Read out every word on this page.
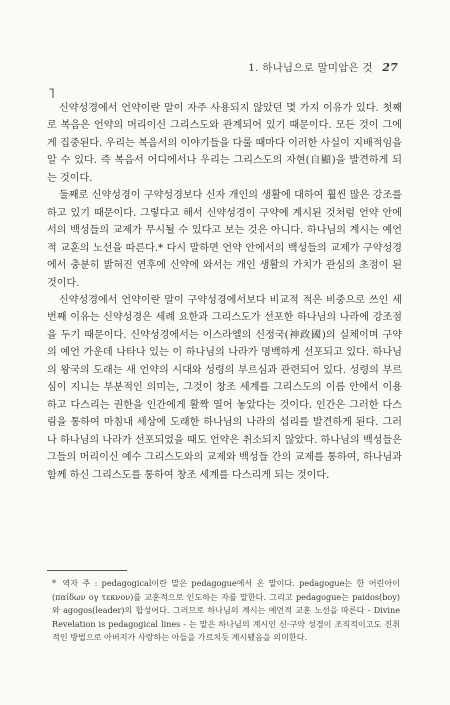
1. 하나님으로 말미암은 것 27
˥

신약성경에서 언약이란 말이 자주 사용되지 않았던 몇 가지 이유가 있다. 첫째로 복음은 언약의 머리이신 그리스도와 관계되어 있기 때문이다. 모든 것이 그에게 집중된다. 우리는 복음서의 이야기들을 다룰 때마다 이러한 사실이 지배적임을 알 수 있다. 즉 복음서 어디에서나 우리는 그리스도의 자현(自顯)을 발견하게 되는 것이다.

둘째로 신약성경이 구약성경보다 신자 개인의 생활에 대하여 훨씬 많은 강조를 하고 있기 때문이다. 그렇다고 해서 신약성경이 구약에 계시된 것처럼 언약 안에서의 백성들의 교제가 무시될 수 있다고 보는 것은 아니다. 하나님의 계시는 예언적 교훈의 노선을 따른다.* 다시 말하면 언약 안에서의 백성들의 교제가 구약성경에서 충분히 밝혀진 연후에 신약에 와서는 개인 생활의 가치가 관심의 초점이 된 것이다.

신약성경에서 언약이란 말이 구약성경에서보다 비교적 적은 비중으로 쓰인 세 번째 이유는 신약성경은 세례 요한과 그리스도가 선포한 하나님의 나라에 강조점을 두기 때문이다. 신약성경에서는 이스라엘의 신정국(神政國)의 실체이며 구약의 예언 가운데 나타나 있는 이 하나님의 나라가 명백하게 선포되고 있다. 하나님의 왕국의 도래는 새 언약의 시대와 성령의 부르심과 관련되어 있다. 성령의 부르심이 지니는 부분적인 의미는, 그것이 창조 세계를 그리스도의 이름 안에서 이용하고 다스리는 권한을 인간에게 활짝 열어 놓았다는 것이다. 인간은 그러한 다스림을 통하여 마침내 세상에 도래한 하나님의 나라의 섭리를 발견하게 된다. 그러나 하나님의 나라가 선포되었을 때도 언약은 취소되지 않았다. 하나님의 백성들은 그들의 머리이신 예수 그리스도와의 교제와 백성들 간의 교제를 통하여, 하나님과 함께 하신 그리스도를 통하여 창조 세계를 다스리게 되는 것이다.

* 역자 주 : pedagogical이란 말은 pedagogue에서 온 말이다. pedagogue는 한 어린아이(παίδων ογ τεκνον)를 교훈적으로 인도하는 자를 말한다. 그리고 pedagogue는 paidos(boy)와 agogos(leader)의 합성어다. 그러므로 하나님의 계시는 예언적 교훈 노선을 따른다 - Divine Revelation is pedagogical lines - 는 말은 하나님의 계시인 신·구약 성경이 조직적이고도 진취적인 방법으로 아버지가 사랑하는 아들을 가르치듯 계시됐음을 의미한다.
